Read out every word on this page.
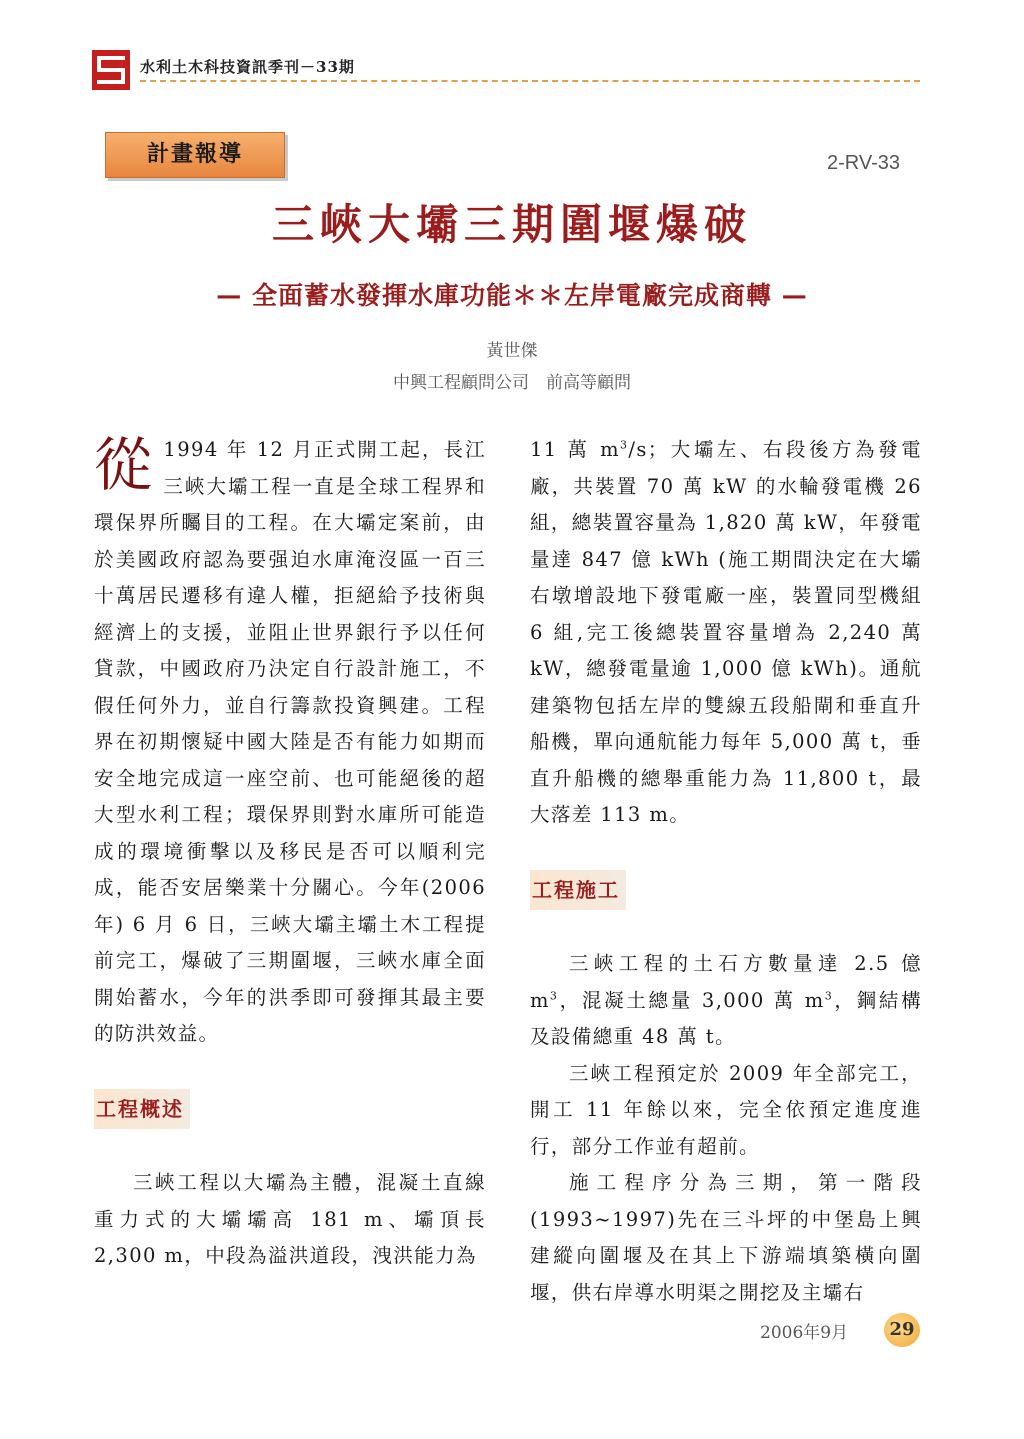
水利土木科技資訊季刊－33期
計畫報導	2-RV-33
三峽大壩三期圍堰爆破
— 全面蓄水發揮水庫功能＊＊左岸電廠完成商轉 —
黃世傑
中興工程顧問公司　前高等顧問

從 1994 年 12 月正式開工起，長江三峽大壩工程一直是全球工程界和環保界所矚目的工程。在大壩定案前，由於美國政府認為要强迫水庫淹沒區一百三十萬居民遷移有違人權，拒絕給予技術與經濟上的支援，並阻止世界銀行予以任何貸款，中國政府乃決定自行設計施工，不假任何外力，並自行籌款投資興建。工程界在初期懷疑中國大陸是否有能力如期而安全地完成這一座空前、也可能絕後的超大型水利工程；環保界則對水庫所可能造成的環境衝擊以及移民是否可以順利完成，能否安居樂業十分關心。今年(2006 年) 6 月 6 日，三峽大壩主壩土木工程提前完工，爆破了三期圍堰，三峽水庫全面開始蓄水，今年的洪季即可發揮其最主要的防洪效益。

工程概述

三峽工程以大壩為主體，混凝土直線重力式的大壩壩高 181 m、壩頂長 2,300 m，中段為溢洪道段，洩洪能力為

11 萬 $m^3/s$；大壩左、右段後方為發電廠，共裝置 70 萬 kW 的水輪發電機 26 組，總裝置容量為 1,820 萬 kW，年發電量達 847 億 kWh (施工期間決定在大壩右墩增設地下發電廠一座，裝置同型機組 6 組,完工後總裝置容量增為 2,240 萬 kW，總發電量逾 1,000 億 kWh)。通航建築物包括左岸的雙線五段船閘和垂直升船機，單向通航能力每年 5,000 萬 t，垂直升船機的總舉重能力為 11,800 t，最大落差 113 m。

工程施工

三峽工程的土石方數量達 2.5 億 $m^3$，混凝土總量 3,000 萬 $m^3$，鋼結構及設備總重 48 萬 t。

三峽工程預定於 2009 年全部完工，開工 11 年餘以來，完全依預定進度進行，部分工作並有超前。

施工程序分為三期，第一階段 (1993~1997)先在三斗坪的中堡島上興建縱向圍堰及在其上下游端填築橫向圍堰，供右岸導水明渠之開挖及主壩右

2006年9月	29
